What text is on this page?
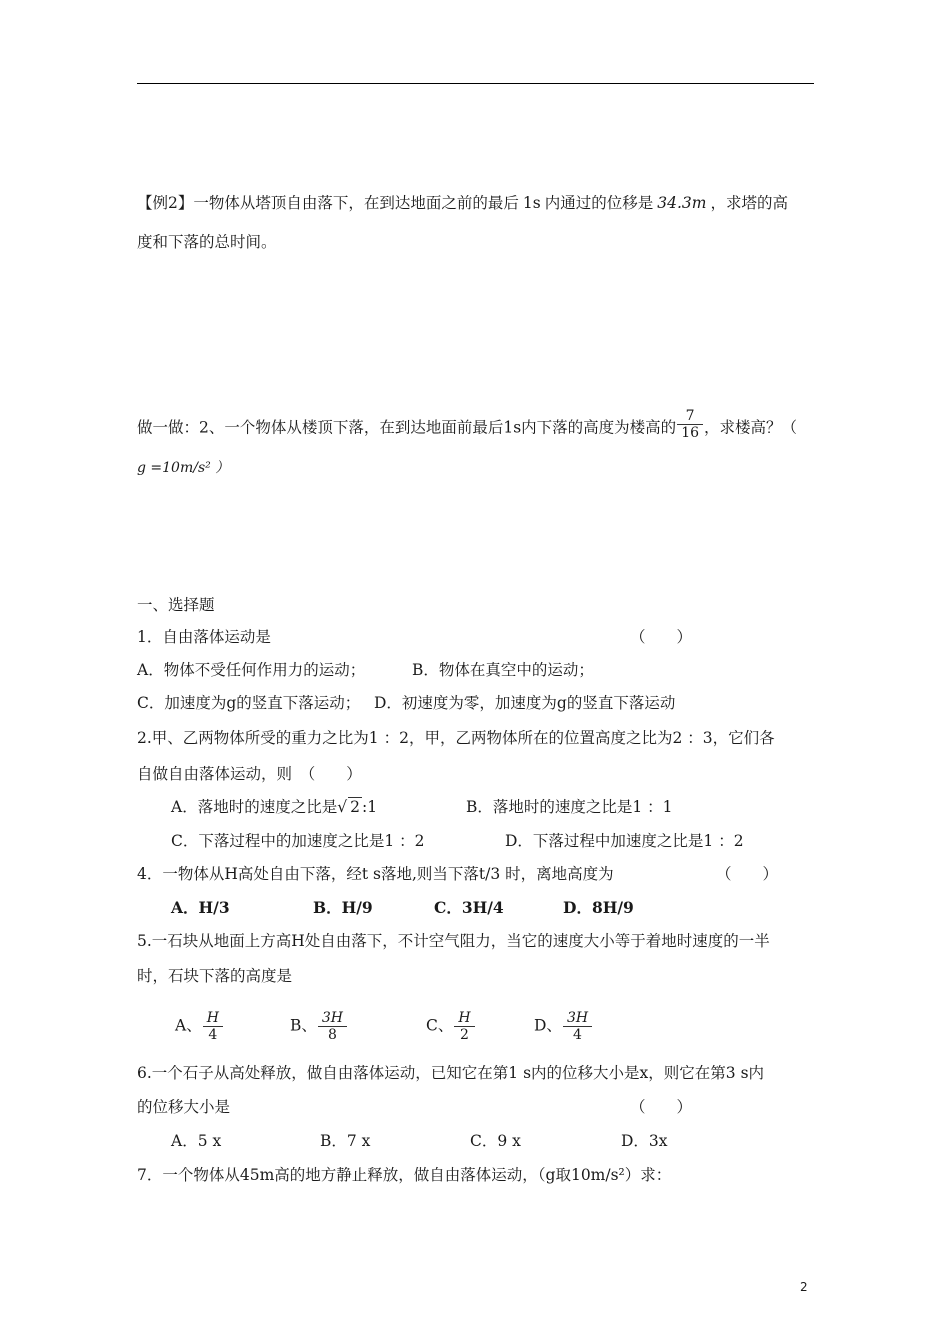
【例2】一物体从塔顶自由落下，在到达地面之前的最后 1s 内通过的位移是 34.3m ，求塔的高
度和下落的总时间。
做一做：2、一个物体从楼顶下落，在到达地面前最后1s内下落的高度为楼高的 $\frac{7}{16}$ ，求楼高？（
g =10m/s² ）
一、选择题
1．自由落体运动是	（　　）
A．物体不受任何作用力的运动；	B．物体在真空中的运动；
C．加速度为g的竖直下落运动； D．初速度为零，加速度为g的竖直下落运动
2.甲、乙两物体所受的重力之比为1 ：2，甲，乙两物体所在的位置高度之比为2 ：3，它们各
自做自由落体运动，则　（　　）
A．落地时的速度之比是√ 2 :1	B．落地时的速度之比是1 ：1
C．下落过程中的加速度之比是1 ：2	D．下落过程中加速度之比是1 ：2
4．一物体从H高处自由下落，经t s落地,则当下落t/3 时，离地高度为	（　　）
A．H/3	B．H/9	C．3H/4	D．8H/9
5.一石块从地面上方高H处自由落下，不计空气阻力，当它的速度大小等于着地时速度的一半
时，石块下落的高度是
A、 $\frac{H}{4}$	B、 $\frac{3H}{8}$	C、 $\frac{H}{2}$	D、 $\frac{3H}{4}$
6.一个石子从高处释放，做自由落体运动，已知它在第1 s内的位移大小是x，则它在第3 s内
的位移大小是	（　　）
A．5 x	B．7 x	C．9 x	D．3x
7．一个物体从45m高的地方静止释放，做自由落体运动，（g取10m/s²）求：
2
